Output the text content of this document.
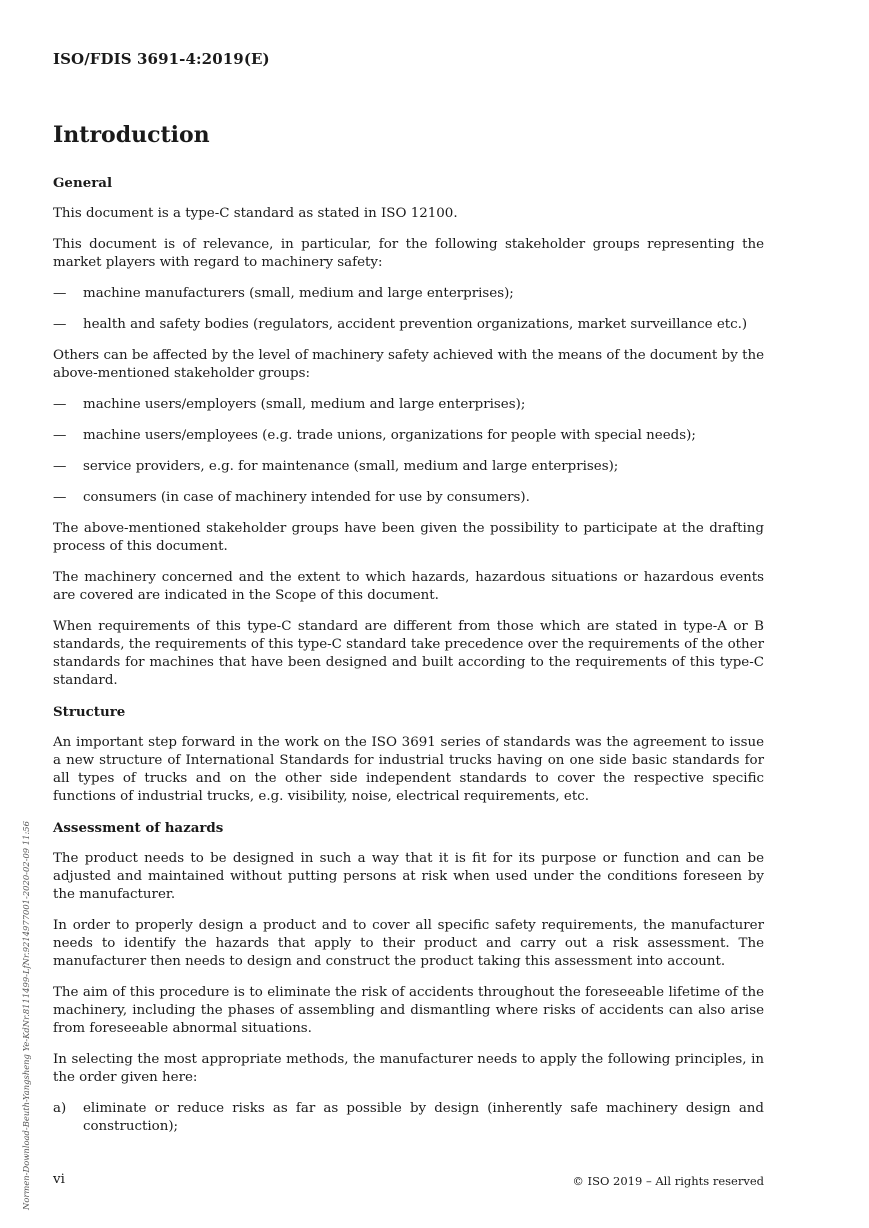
ISO/FDIS 3691-4:2019(E)
Introduction
General

This document is a type-C standard as stated in ISO 12100.

This document is of relevance, in particular, for the following stakeholder groups representing the market players with regard to machinery safety:

— machine manufacturers (small, medium and large enterprises);
— health and safety bodies (regulators, accident prevention organizations, market surveillance etc.)

Others can be affected by the level of machinery safety achieved with the means of the document by the above-mentioned stakeholder groups:

— machine users/employers (small, medium and large enterprises);
— machine users/employees (e.g. trade unions, organizations for people with special needs);
— service providers, e.g. for maintenance (small, medium and large enterprises);
— consumers (in case of machinery intended for use by consumers).

The above-mentioned stakeholder groups have been given the possibility to participate at the drafting process of this document.

The machinery concerned and the extent to which hazards, hazardous situations or hazardous events are covered are indicated in the Scope of this document.

When requirements of this type-C standard are different from those which are stated in type-A or B standards, the requirements of this type-C standard take precedence over the requirements of the other standards for machines that have been designed and built according to the requirements of this type-C standard.

Structure

An important step forward in the work on the ISO 3691 series of standards was the agreement to issue a new structure of International Standards for industrial trucks having on one side basic standards for all types of trucks and on the other side independent standards to cover the respective specific functions of industrial trucks, e.g. visibility, noise, electrical requirements, etc.

Assessment of hazards

The product needs to be designed in such a way that it is fit for its purpose or function and can be adjusted and maintained without putting persons at risk when used under the conditions foreseen by the manufacturer.

In order to properly design a product and to cover all specific safety requirements, the manufacturer needs to identify the hazards that apply to their product and carry out a risk assessment. The manufacturer then needs to design and construct the product taking this assessment into account.

The aim of this procedure is to eliminate the risk of accidents throughout the foreseeable lifetime of the machinery, including the phases of assembling and dismantling where risks of accidents can also arise from foreseeable abnormal situations.

In selecting the most appropriate methods, the manufacturer needs to apply the following principles, in the order given here:

a) eliminate or reduce risks as far as possible by design (inherently safe machinery design and construction);
vi	© ISO 2019 – All rights reserved
Normen-Download-Beuth-Yangsheng Ye-KdNr.8111499-LfNr.9214977001-2020-02-09 11:56
